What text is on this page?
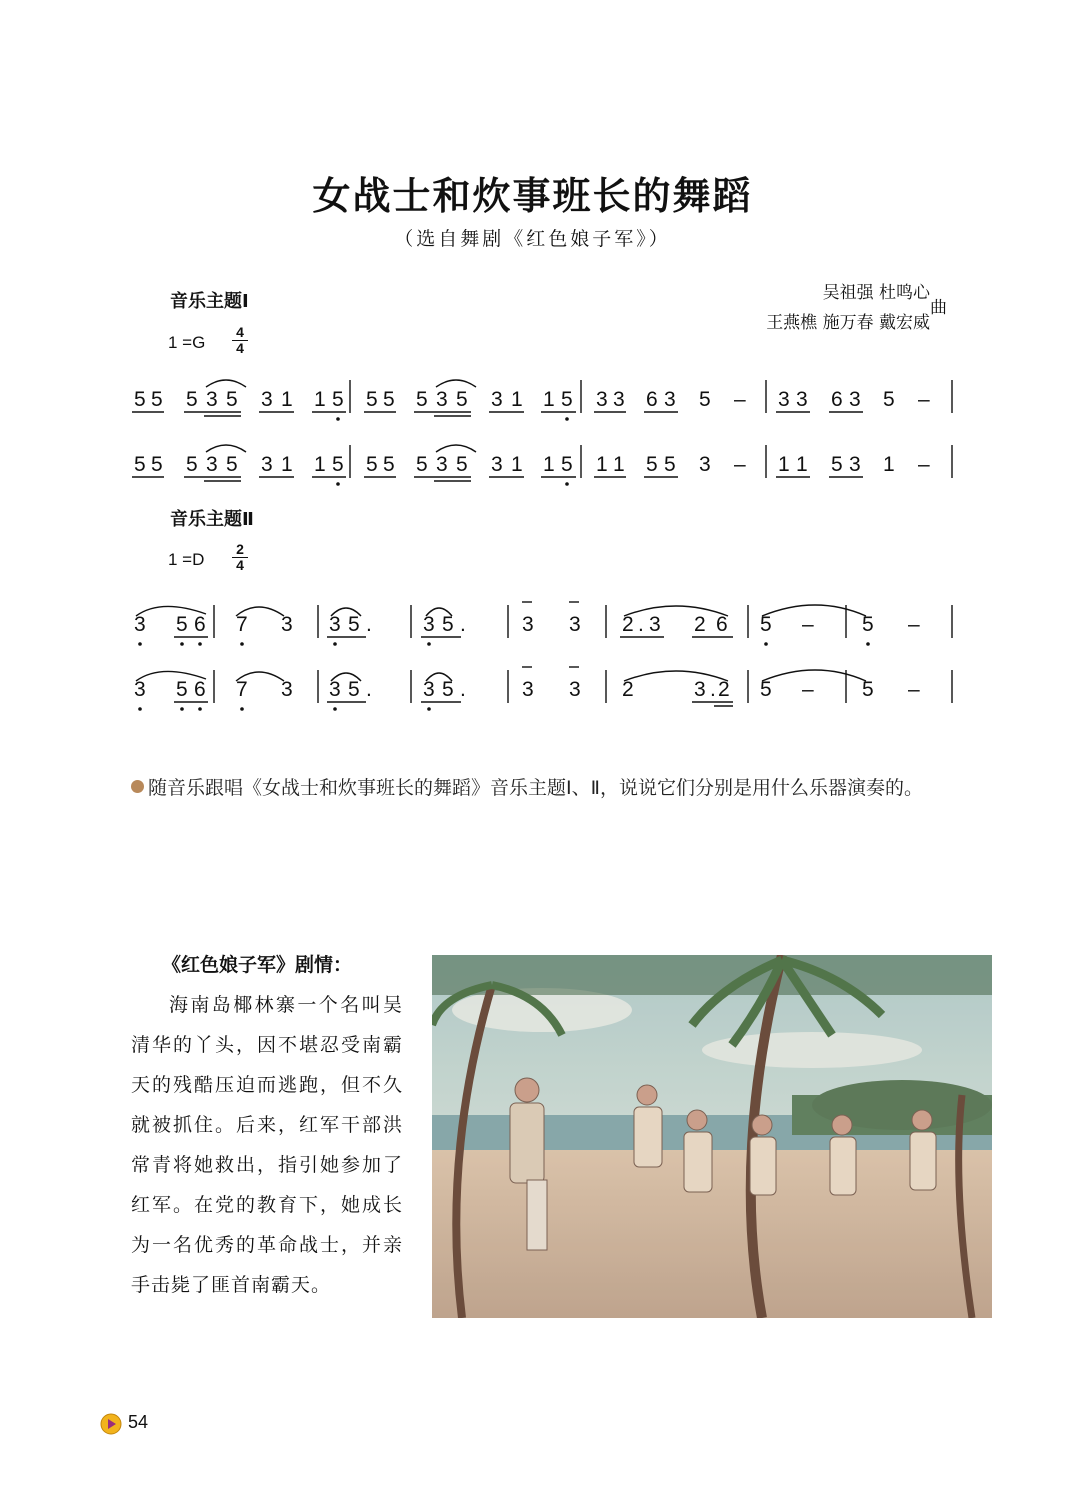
女战士和炊事班长的舞蹈
（选自舞剧《红色娘子军》）
吴祖强 杜鸣心
王燕樵 施万春 戴宏威
曲
音乐主题Ⅰ
1 =G
4
4
5 5 5 3 5 3 1 1 5 5 5 5 3 5 3 1 1 5 3 3 6 3 5 – 3 3 6 3 5 –
5 5 5 3 5 3 1 1 5 5 5 5 3 5 3 1 1 5 1 1 5 5 3 – 1 1 5 3 1 –
音乐主题Ⅱ
1 =D
2
4
3 5 6 7 3 3 5 . 3 5 .	3 3 2 . 3 2 6 5 – 5 –
3 5 6 7 3 3 5 . 3 5 .	3 3 2	3 . 2 5 – 5 –
随音乐跟唱《女战士和炊事班长的舞蹈》音乐主题Ⅰ、Ⅱ，说说它们分别是用什么乐器演奏的。
《红色娘子军》剧情：
海南岛椰林寨一个名叫吴清华的丫头，因不堪忍受南霸天的残酷压迫而逃跑，但不久就被抓住。后来，红军干部洪常青将她救出，指引她参加了红军。在党的教育下，她成长为一名优秀的革命战士，并亲手击毙了匪首南霸天。
54
